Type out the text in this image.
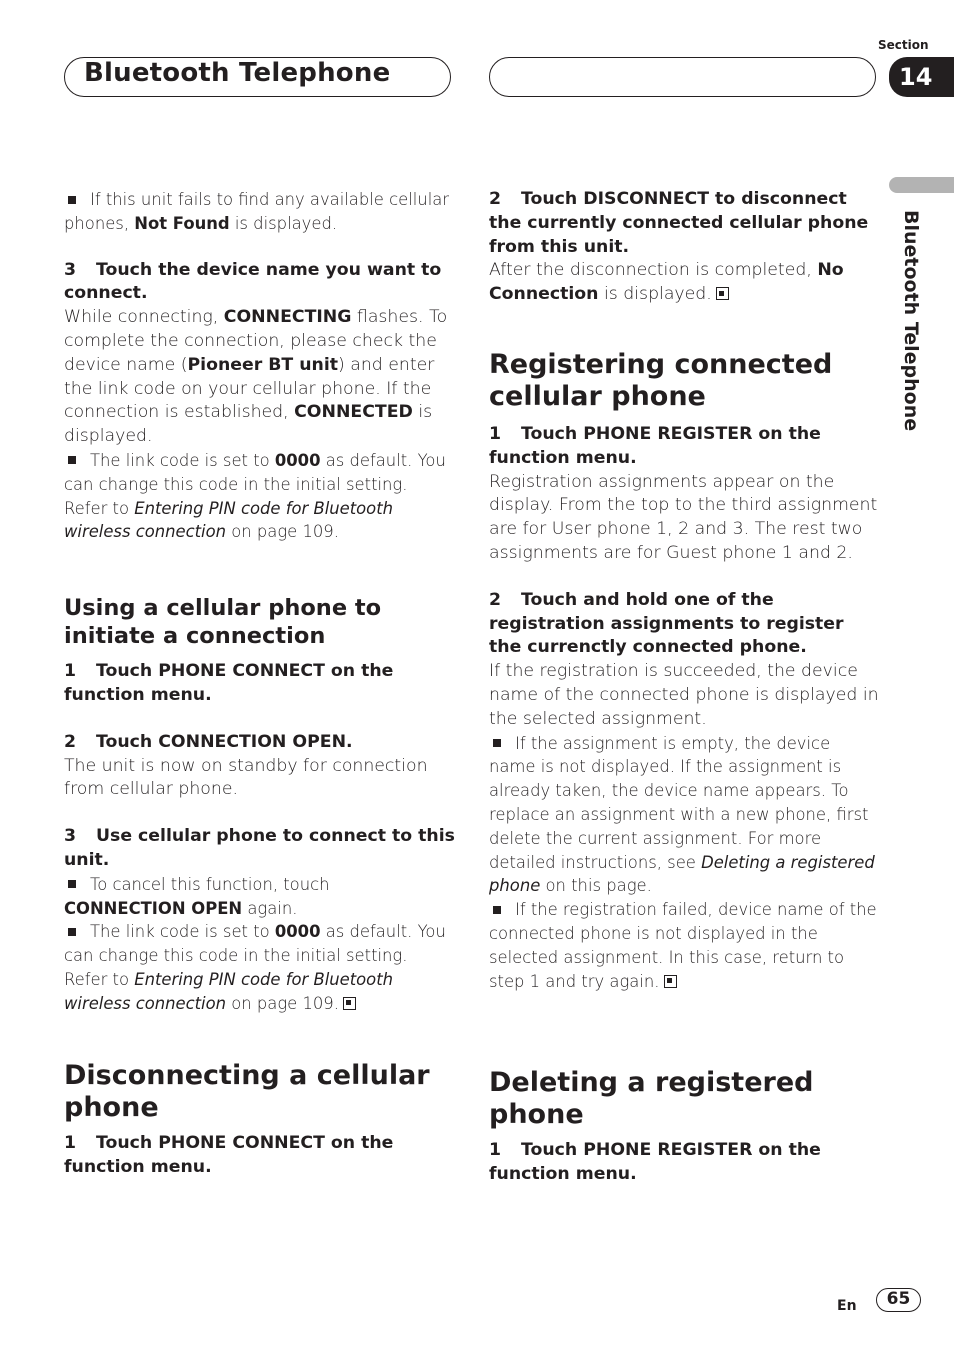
Bluetooth Telephone
Section
14
Bluetooth Telephone

If this unit fails to find any available cellular phones, Not Found is displayed.

3 Touch the device name you want to connect.

While connecting, CONNECTING flashes. To complete the connection, please check the device name (Pioneer BT unit) and enter the link code on your cellular phone. If the connection is established, CONNECTED is displayed.

The link code is set to 0000 as default. You can change this code in the initial setting. Refer to Entering PIN code for Bluetooth wireless connection on page 109.

Using a cellular phone to initiate a connection

1 Touch PHONE CONNECT on the function menu.

2 Touch CONNECTION OPEN.

The unit is now on standby for connection from cellular phone.

3 Use cellular phone to connect to this unit.

To cancel this function, touch CONNECTION OPEN again.

The link code is set to 0000 as default. You can change this code in the initial setting. Refer to Entering PIN code for Bluetooth wireless connection on page 109.

Disconnecting a cellular phone

1 Touch PHONE CONNECT on the function menu.

2 Touch DISCONNECT to disconnect the currently connected cellular phone from this unit.

After the disconnection is completed, No Connection is displayed.

Registering connected cellular phone

1 Touch PHONE REGISTER on the function menu.

Registration assignments appear on the display. From the top to the third assignment are for User phone 1, 2 and 3. The rest two assignments are for Guest phone 1 and 2.

2 Touch and hold one of the registration assignments to register the currenctly connected phone.

If the registration is succeeded, the device name of the connected phone is displayed in the selected assignment.

If the assignment is empty, the device name is not displayed. If the assignment is already taken, the device name appears. To replace an assignment with a new phone, first delete the current assignment. For more detailed instructions, see Deleting a registered phone on this page.

If the registration failed, device name of the connected phone is not displayed in the selected assignment. In this case, return to step 1 and try again.

Deleting a registered phone

1 Touch PHONE REGISTER on the function menu.

En	65
